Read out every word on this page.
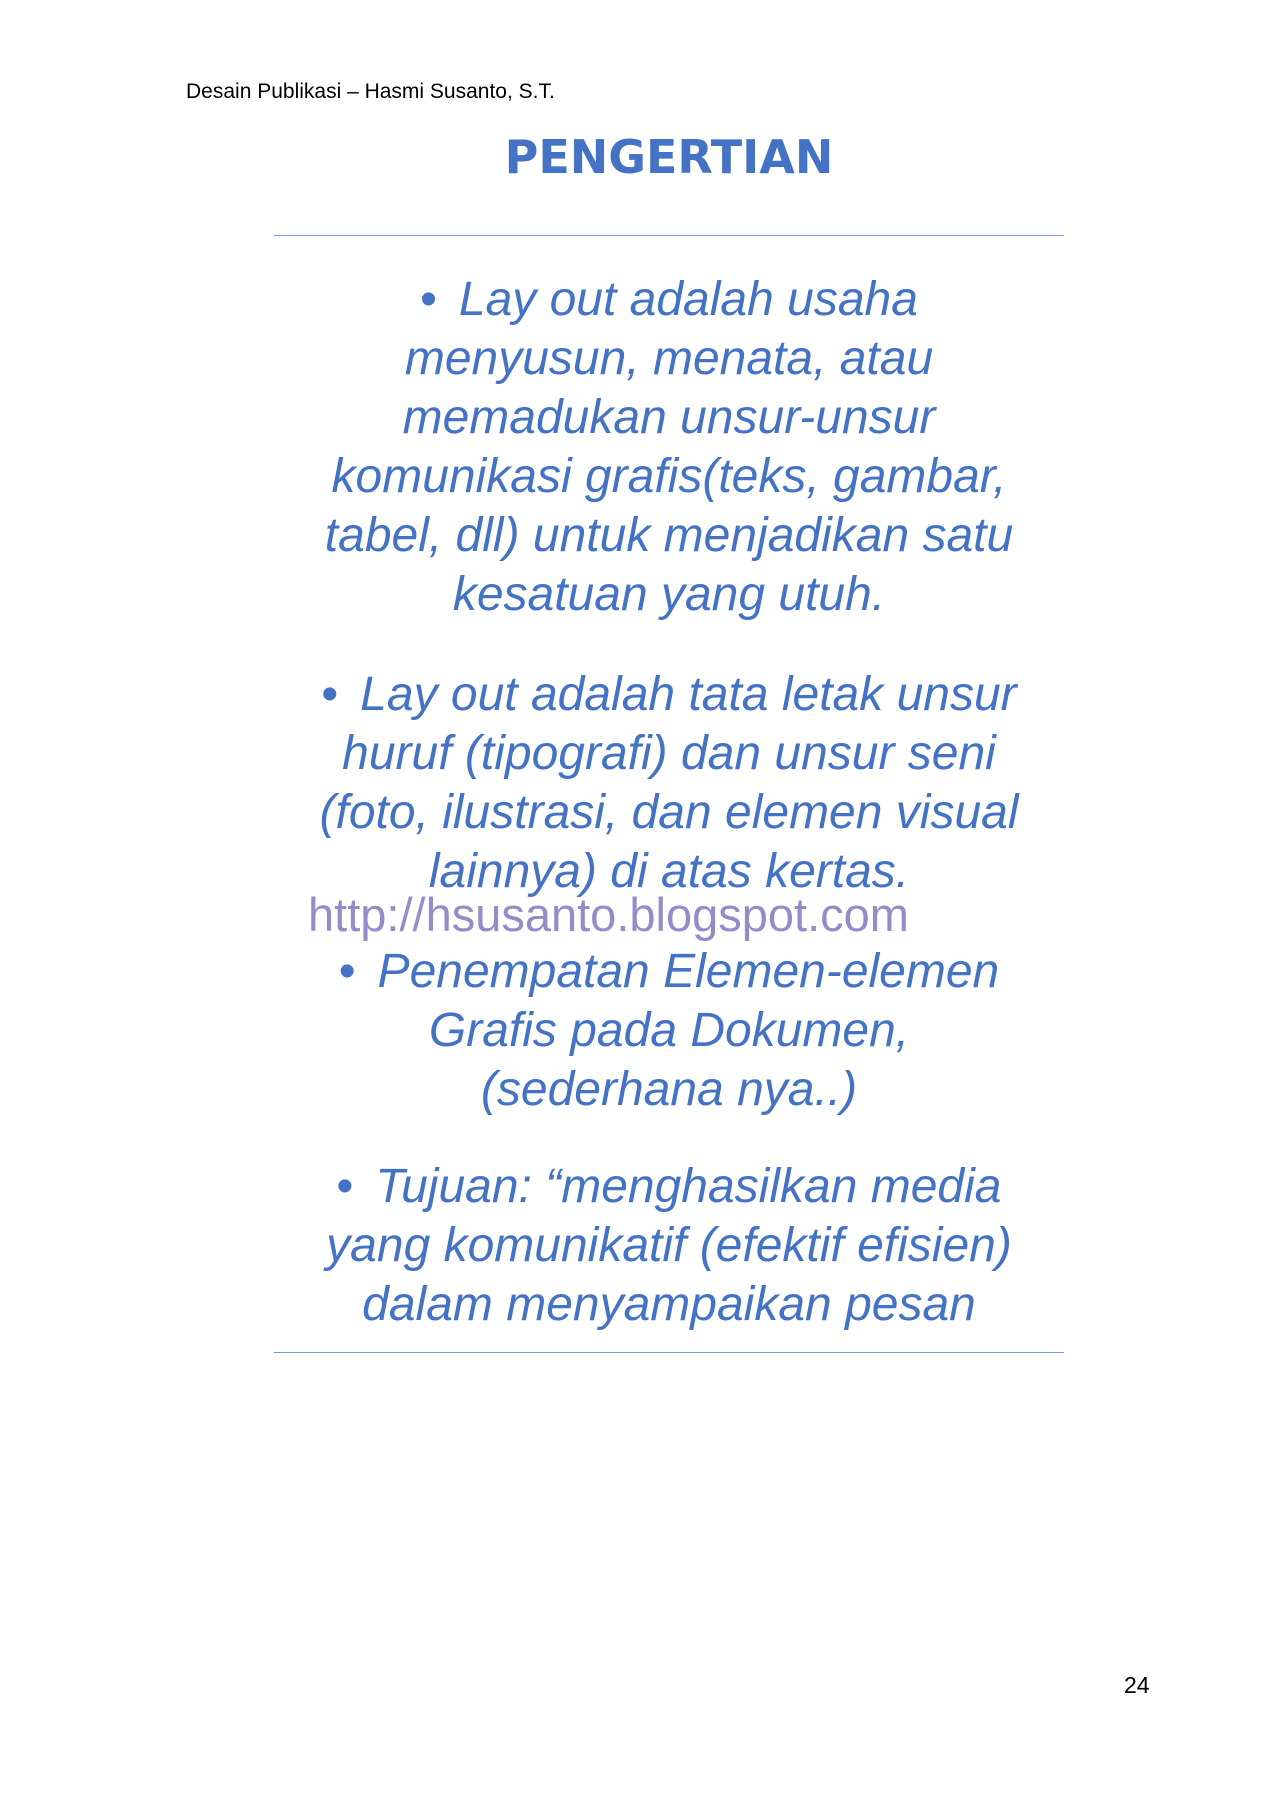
Desain Publikasi – Hasmi Susanto, S.T.
PENGERTIAN
• Lay out adalah usaha
menyusun, menata, atau
memadukan unsur-unsur
komunikasi grafis(teks, gambar,
tabel, dll) untuk menjadikan satu
kesatuan yang utuh.
• Lay out adalah tata letak unsur
huruf (tipografi) dan unsur seni
(foto, ilustrasi, dan elemen visual
lainnya) di atas kertas.
http://hsusanto.blogspot.com
• Penempatan Elemen-elemen
Grafis pada Dokumen,
(sederhana nya..)
• Tujuan: “menghasilkan media
yang komunikatif (efektif efisien)
dalam menyampaikan pesan
24
